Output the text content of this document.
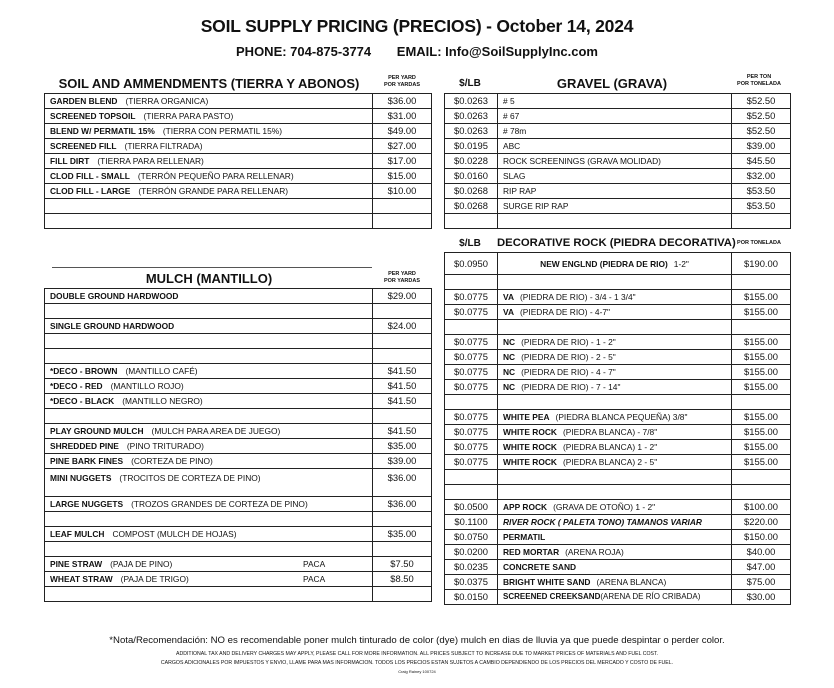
SOIL SUPPLY PRICING (PRECIOS) - October 14, 2024
PHONE: 704-875-3774 EMAIL: Info@SoilSupplyInc.com
SOIL AND AMMENDMENTS (TIERRA Y ABONOS)	PER YARD
POR YARDAS
GARDEN BLEND (TIERRA ORGANICA)	$36.00
SCREENED TOPSOIL (TIERRA PARA PASTO)	$31.00
BLEND W/ PERMATIL 15% (TIERRA CON PERMATIL 15%)	$49.00
SCREENED FILL (TIERRA FILTRADA)	$27.00
FILL DIRT (TIERRA PARA RELLENAR)	$17.00
CLOD FILL - SMALL (TERRÓN PEQUEÑO PARA RELLENAR)	$15.00
CLOD FILL - LARGE (TERRÓN GRANDE PARA RELLENAR)	$10.00

MULCH (MANTILLO)	PER YARD
POR YARDAS
DOUBLE GROUND HARDWOOD	$29.00

SINGLE GROUND HARDWOOD	$24.00

*DECO - BROWN (MANTILLO CAFÉ)	$41.50
*DECO - RED (MANTILLO ROJO)	$41.50
*DECO - BLACK (MANTILLO NEGRO)	$41.50

PLAY GROUND MULCH (MULCH PARA AREA DE JUEGO)	$41.50
SHREDDED PINE (PINO TRITURADO)	$35.00
PINE BARK FINES (CORTEZA DE PINO)	$39.00
MINI NUGGETS (TROCITOS DE CORTEZA DE PINO)	$36.00
LARGE NUGGETS (TROZOS GRANDES DE CORTEZA DE PINO)	$36.00

LEAF MULCH COMPOST (MULCH DE HOJAS)	$35.00

PINE STRAW (PAJA DE PINO) PACA	$7.50
WHEAT STRAW (PAJA DE TRIGO) PACA	$8.50

$/LB	GRAVEL (GRAVA)	PER TON
POR TONELADA
$0.0263	# 5	$52.50
$0.0263	# 67	$52.50
$0.0263	# 78m	$52.50
$0.0195	ABC	$39.00
$0.0228	ROCK SCREENINGS (GRAVA MOLIDAD)	$45.50
$0.0160	SLAG	$32.00
$0.0268	RIP RAP	$53.50
$0.0268	SURGE RIP RAP	$53.50

$/LB	DECORATIVE ROCK (PIEDRA DECORATIVA) POR TONELADA
$0.0950	NEW ENGLND (PIEDRA DE RIO) 1-2"	$190.00

$0.0775	VA (PIEDRA DE RIO) - 3/4 - 1 3/4"	$155.00
$0.0775	VA (PIEDRA DE RIO) - 4-7"	$155.00

$0.0775	NC (PIEDRA DE RIO) - 1 - 2"	$155.00
$0.0775	NC (PIEDRA DE RIO) - 2 - 5"	$155.00
$0.0775	NC (PIEDRA DE RIO) - 4 - 7"	$155.00
$0.0775	NC (PIEDRA DE RIO) - 7 - 14"	$155.00

$0.0775	WHITE PEA (PIEDRA BLANCA PEQUEÑA) 3/8"	$155.00
$0.0775	WHITE ROCK (PIEDRA BLANCA) - 7/8"	$155.00
$0.0775	WHITE ROCK (PIEDRA BLANCA) 1 - 2"	$155.00
$0.0775	WHITE ROCK (PIEDRA BLANCA) 2 - 5"	$155.00

$0.0500	APP ROCK (GRAVA DE OTOÑO) 1 - 2"	$100.00
$0.1100	RIVER ROCK ( PALETA TONO) TAMANOS VARIAR	$220.00
$0.0750	PERMATIL	$150.00
$0.0200	RED MORTAR (ARENA ROJA)	$40.00
$0.0235	CONCRETE SAND	$47.00
$0.0375	BRIGHT WHITE SAND (ARENA BLANCA)	$75.00
$0.0150	SCREENED CREEKSAND(ARENA DE RÍO CRIBADA)	$30.00
*Nota/Recomendación: NO es recomendable poner mulch tinturado de color (dye) mulch en dias de lluvia ya que puede despintar o perder color.
ADDITIONAL TAX AND DELIVERY CHARGES MAY APPLY, PLEASE CALL FOR MORE INFORMATION. ALL PRICES SUBJECT TO INCREASE DUE TO MARKET PRICES OF MATERIALS AND FUEL COST.
CARGOS ADICIONALES POR IMPUESTOS Y ENVIO, LLAME PARA MAS INFORMACION. TODOS LOS PRECIOS ESTAN SUJETOS A CAMBIO DEPENDIENDO DE LOS PRECIOS DEL MERCADO Y COSTO DE FUEL.
Craig Rainey 100724
